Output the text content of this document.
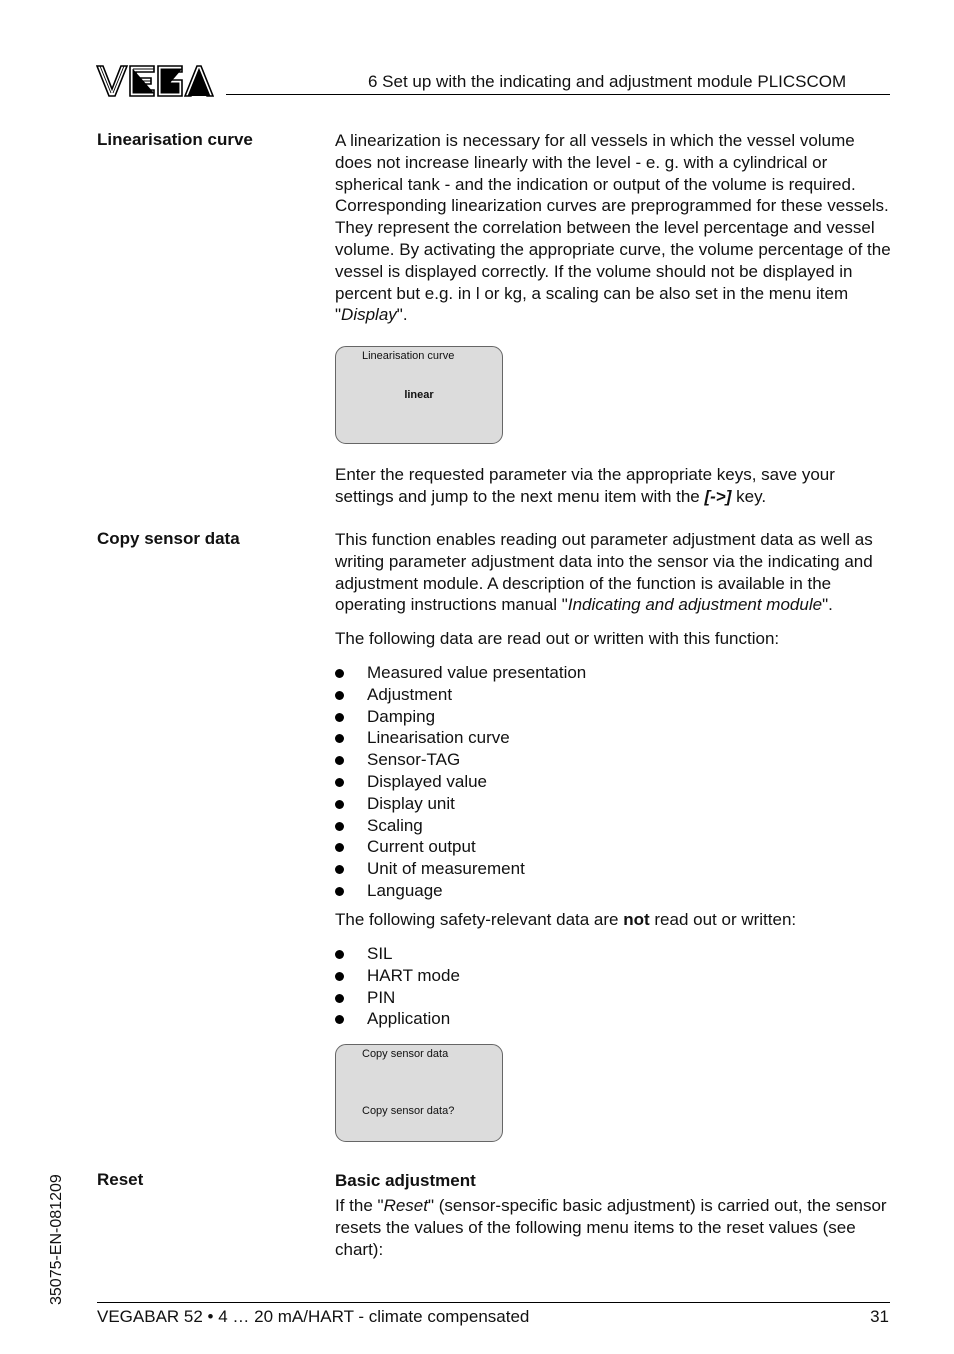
6 Set up with the indicating and adjustment module PLICSCOM
Linearisation curve	A linearization is necessary for all vessels in which the vessel volume does not increase linearly with the level - e. g. with a cylindrical or spherical tank - and the indication or output of the volume is required. Corresponding linearization curves are preprogrammed for these vessels. They represent the correlation between the level percentage and vessel volume. By activating the appropriate curve, the volume percentage of the vessel is displayed correctly. If the volume should not be displayed in percent but e.g. in l or kg, a scaling can be also set in the menu item "Display".

Linearisation curve
linear

Enter the requested parameter via the appropriate keys, save your settings and jump to the next menu item with the [->] key.

Copy sensor data	This function enables reading out parameter adjustment data as well as writing parameter adjustment data into the sensor via the indicating and adjustment module. A description of the function is available in the operating instructions manual "Indicating and adjustment module".

The following data are read out or written with this function:
Measured value presentation
Adjustment
Damping
Linearisation curve
Sensor-TAG
Displayed value
Display unit
Scaling
Current output
Unit of measurement
Language

The following safety-relevant data are not read out or written:

SIL
HART mode
PIN
Application
Copy sensor data
Copy sensor data?
Reset	Basic adjustment

If the "Reset" (sensor-specific basic adjustment) is carried out, the sensor resets the values of the following menu items to the reset values (see chart):

35075-EN-081209
VEGABAR 52 • 4 … 20 mA/HART - climate compensated	31
